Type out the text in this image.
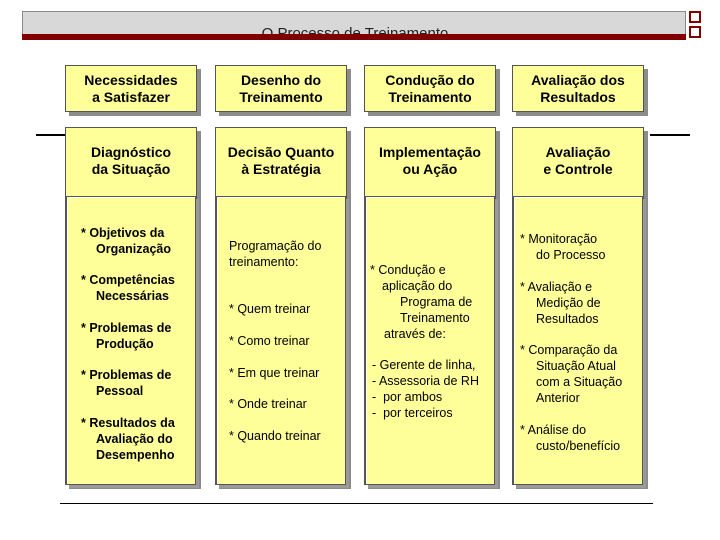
Necessidades
a Satisfazer
Desenho do
Treinamento
Condução do
Treinamento
Avaliação dos
Resultados
Diagnóstico
da Situação
* Objetivos da
Organização
* Competências
Necessárias
* Problemas de
Produção
* Problemas de
Pessoal
* Resultados da
Avaliação do
Desempenho
Decisão Quanto
à Estratégia
Programação do
treinamento:
* Quem treinar
* Como treinar
* Em que treinar
* Onde treinar
* Quando treinar
Implementação
ou Ação
* Condução e
aplicação do
Programa de
Treinamento
através de:
- Gerente de linha,
- Assessoria de RH
-  por ambos
-  por terceiros
Avaliação
e Controle
* Monitoração
do Processo
* Avaliação e
Medição de
Resultados
* Comparação da
Situação Atual
com a Situação
Anterior
* Análise do
custo/benefício
